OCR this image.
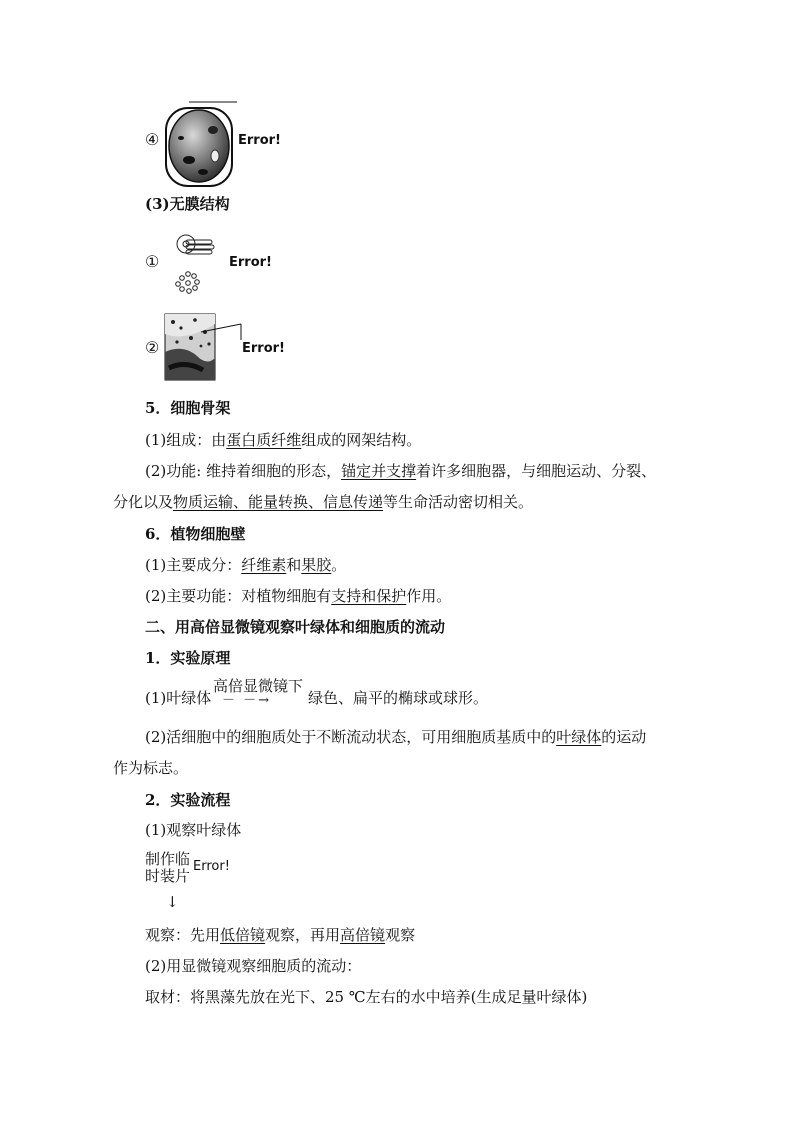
④	Error!
(3)无膜结构
①	Error!
②	Error!
5．细胞骨架
(1)组成：由蛋白质纤维组成的网架结构。
(2)功能: 维持着细胞的形态，锚定并支撑着许多细胞器，与细胞运动、分裂、
分化以及物质运输、能量转换、信息传递等生命活动密切相关。
6．植物细胞壁
(1)主要成分：纤维素和果胶。
(2)主要功能：对植物细胞有支持和保护作用。
二、用高倍显微镜观察叶绿体和细胞质的流动
1．实验原理
(1)叶绿体
高倍显微镜下
－ －→ 绿色、扁平的椭球或球形。
(2)活细胞中的细胞质处于不断流动状态，可用细胞质基质中的叶绿体的运动
作为标志。
2．实验流程
(1)观察叶绿体
制作临
时装片
Error!
↓
观察：先用低倍镜观察，再用高倍镜观察
(2)用显微镜观察细胞质的流动：
取材：将黑藻先放在光下、25 ℃左右的水中培养(生成足量叶绿体)
